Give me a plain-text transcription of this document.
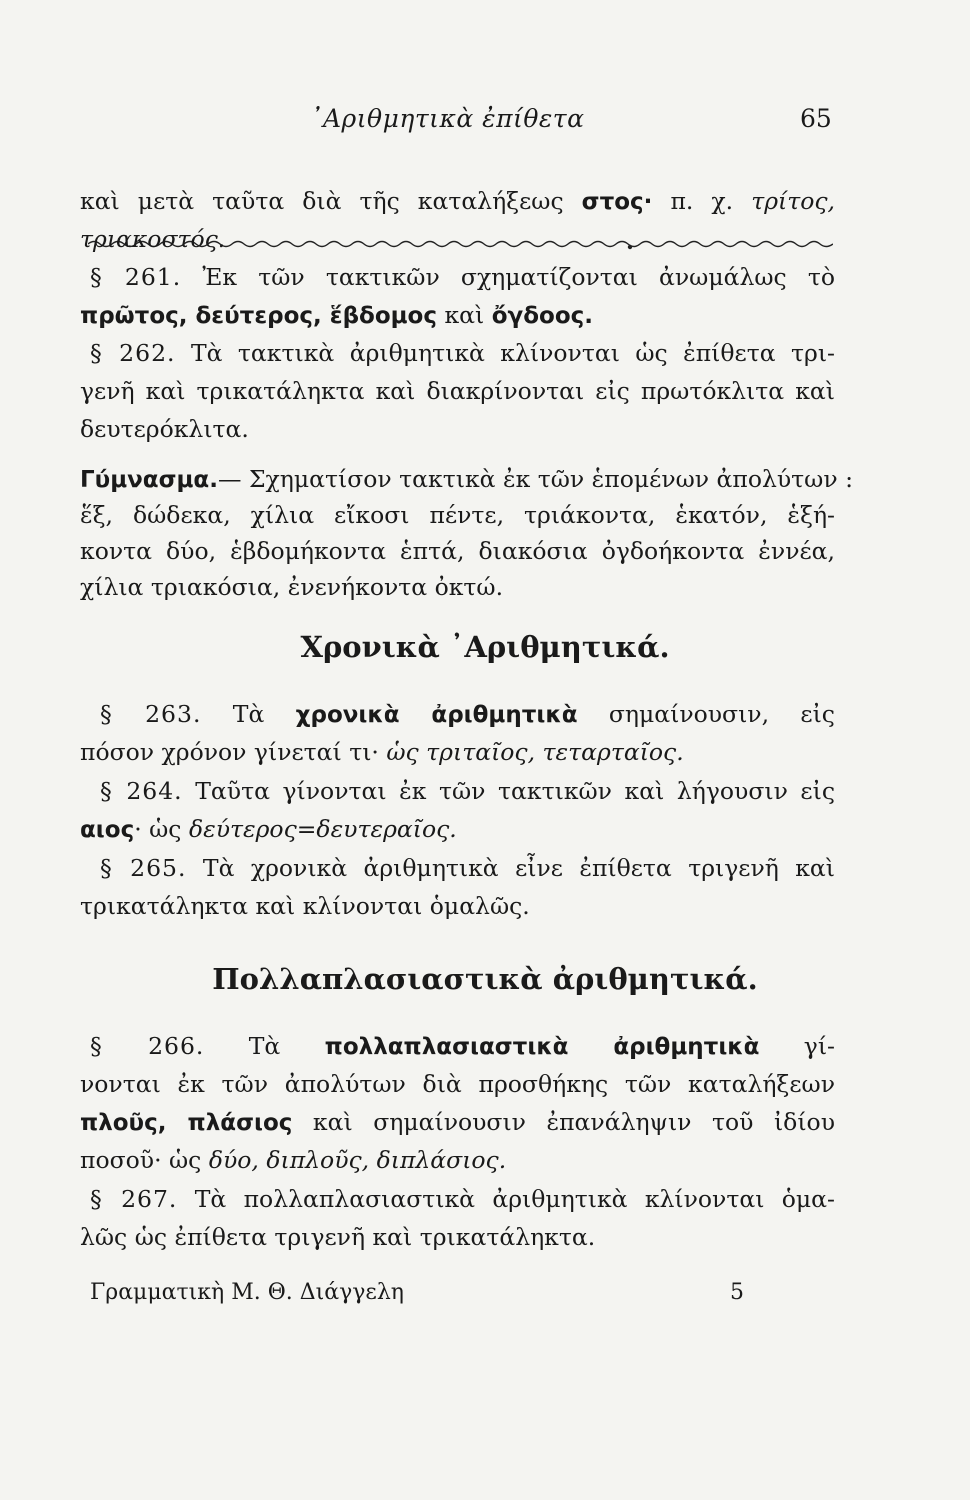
᾿Αριθμητικὰ ἐπίθετα	65
καὶ μετὰ ταῦτα διὰ τῆς καταλήξεως στος· π. χ. τρίτος,
τριακοστός.
§ 261. Ἐκ τῶν τακτικῶν σχηματίζονται ἀνωμάλως τὸ
πρῶτος, δεύτερος, ἕβδομος καὶ ὄγδοος.
§ 262. Τὰ τακτικὰ ἀριθμητικὰ κλίνονται ὡς ἐπίθετα τρι-
γενῆ καὶ τρικατάληκτα καὶ διακρίνονται εἰς πρωτόκλιτα καὶ
δευτερόκλιτα.
Γύμνασμα.— Σχηματίσον τακτικὰ ἐκ τῶν ἑπομένων ἀπολύτων :
ἕξ, δώδεκα, χίλια εἴκοσι πέντε, τριάκοντα, ἑκατόν, ἑξή-
κοντα δύο, ἑβδομήκοντα ἑπτά, διακόσια ὀγδοήκοντα ἐννέα,
χίλια τριακόσια, ἐνενήκοντα ὀκτώ.
Χρονικὰ ᾿Αριθμητικά.
§ 263. Τὰ χρονικὰ ἀριθμητικὰ σημαίνουσιν, εἰς
πόσον χρόνον γίνεταί τι· ὡς τριταῖος, τεταρταῖος.
§ 264. Ταῦτα γίνονται ἐκ τῶν τακτικῶν καὶ λήγουσιν εἰς
αιος· ὡς δεύτερος=δευτεραῖος.
§ 265. Τὰ χρονικὰ ἀριθμητικὰ εἶνε ἐπίθετα τριγενῆ καὶ
τρικατάληκτα καὶ κλίνονται ὁμαλῶς.
Πολλαπλασιαστικὰ ἀριθμητικά.
§ 266. Τὰ πολλαπλασιαστικὰ ἀριθμητικὰ γί-
νονται ἐκ τῶν ἀπολύτων διὰ προσθήκης τῶν καταλήξεων
πλοῦς, πλάσιος καὶ σημαίνουσιν ἐπανάληψιν τοῦ ἰδίου
ποσοῦ· ὡς δύο, διπλοῦς, διπλάσιος.
§ 267. Τὰ πολλαπλασιαστικὰ ἀριθμητικὰ κλίνονται ὁμα-
λῶς ὡς ἐπίθετα τριγενῆ καὶ τρικατάληκτα.
Γραμματικὴ Μ. Θ. Διάγγελη	5
